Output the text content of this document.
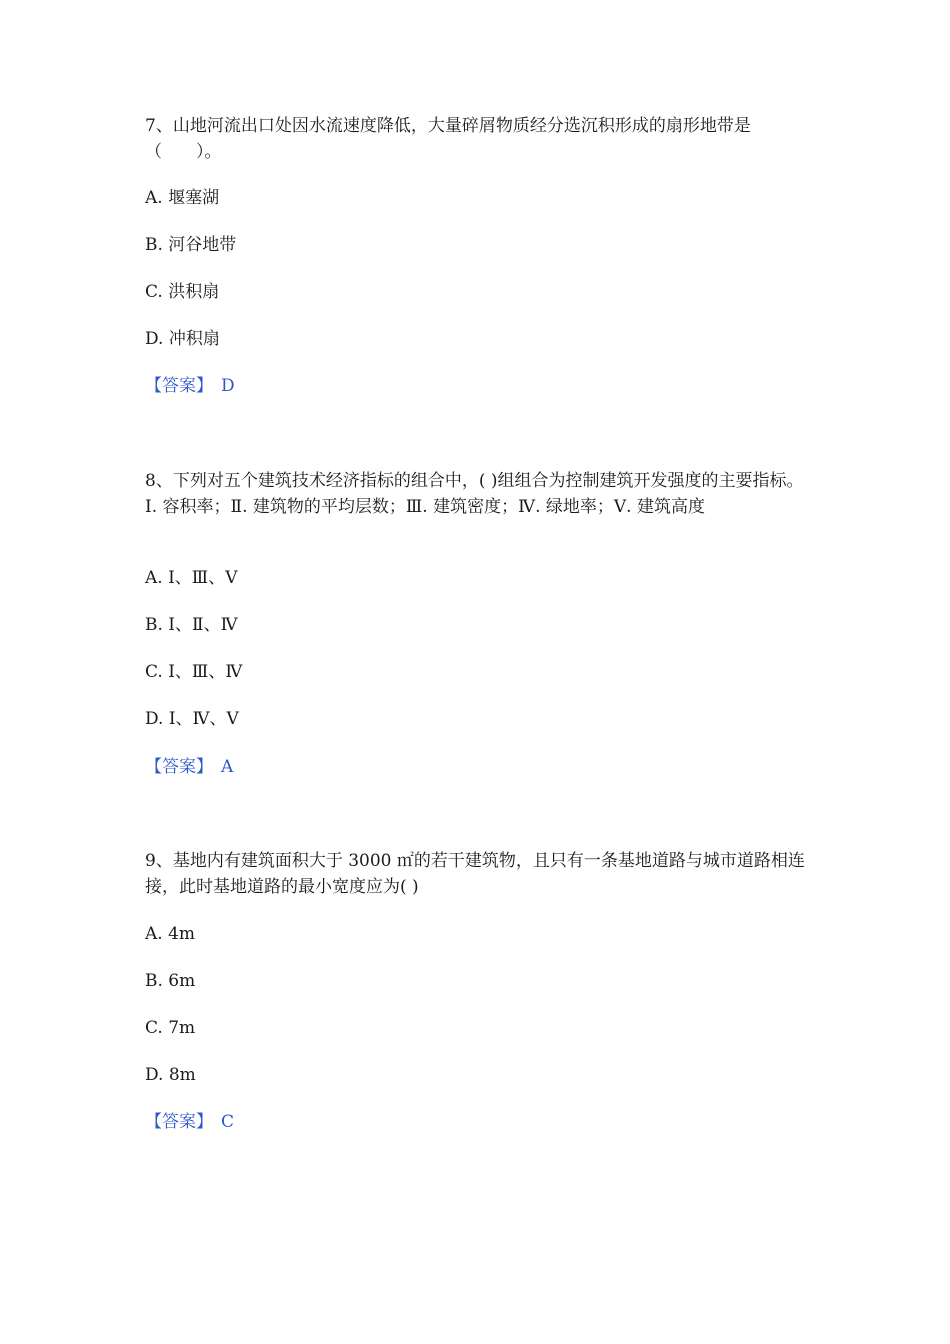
7、山地河流出口处因水流速度降低，大量碎屑物质经分选沉积形成的扇形地带是（　　）。

A. 堰塞湖

B. 河谷地带

C. 洪积扇

D. 冲积扇

【答案】 D

8、下列对五个建筑技术经济指标的组合中，( )组组合为控制建筑开发强度的主要指标。Ⅰ. 容积率；Ⅱ. 建筑物的平均层数；Ⅲ. 建筑密度；Ⅳ. 绿地率；Ⅴ. 建筑高度

A. Ⅰ、Ⅲ、Ⅴ

B. Ⅰ、Ⅱ、Ⅳ

C. Ⅰ、Ⅲ、Ⅳ

D. Ⅰ、Ⅳ、Ⅴ

【答案】 A

9、基地内有建筑面积大于 3000 ㎡的若干建筑物，且只有一条基地道路与城市道路相连接，此时基地道路的最小宽度应为( )

A. 4m

B. 6m

C. 7m

D. 8m

【答案】 C
